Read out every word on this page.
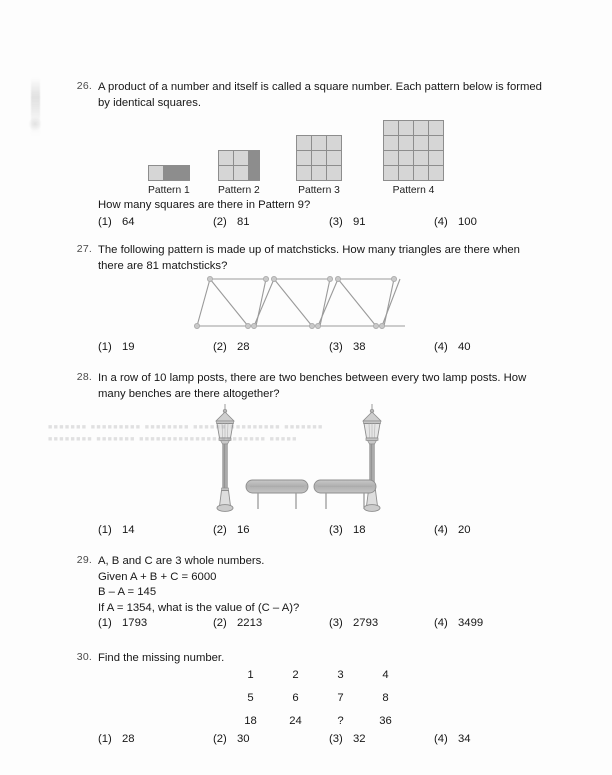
26. A product of a number and itself is called a square number. Each pattern below is formed

by identical squares.

Pattern 1	Pattern 2	Pattern 3	Pattern 4
How many squares are there in Pattern 9?
(1) 64	(2) 81	(3) 91	(4) 100
27. The following pattern is made up of matchsticks. How many triangles are there when

there are 81 matchsticks?

(1) 19	(2) 28	(3) 38	(4) 40
28. In a row of 10 lamp posts, there are two benches between every two lamp posts. How

many benches are there altogether?

■■■■■■■ ■■■■■■■■■ ■■■■■■■■ ■■■■■■ ■■■■■■■■■ ■■■■■■■
■■■■■■■■ ■■■■■■■ ■■■■■■■■■■■■■■ ■■■■■■■■ ■■■■■
(1) 14	(2) 16	(3) 18	(4) 20
29. A, B and C are 3 whole numbers.

Given A + B + C = 6000

B – A = 145

If A = 1354, what is the value of (C – A)?

(1) 1793	(2) 2213	(3) 2793	(4) 3499
30. Find the missing number.

1	2	3	4
5	6	7	8
18	24	?	36
(1) 28	(2) 30	(3) 32	(4) 34
